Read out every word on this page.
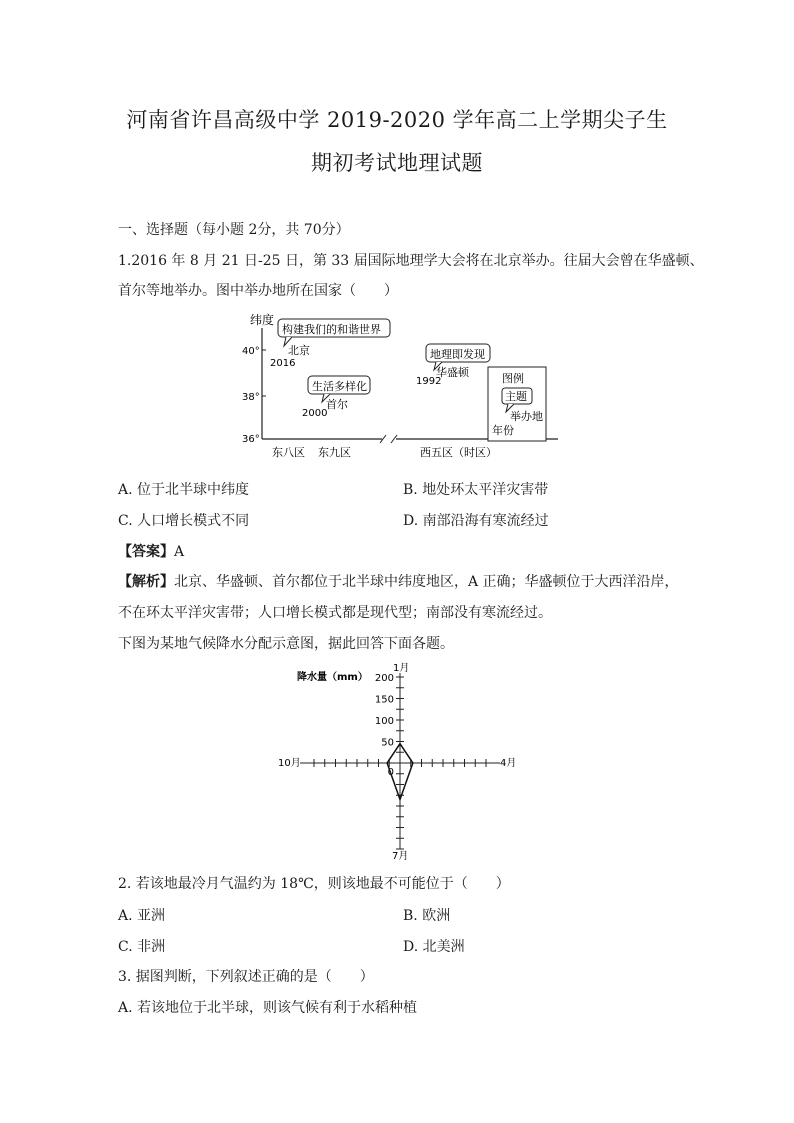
河南省许昌高级中学 2019-2020 学年高二上学期尖子生
期初考试地理试题
一、选择题（每小题 2分，共 70分）
1.2016 年 8 月 21 日-25 日，第 33 届国际地理学大会将在北京举办。往届大会曾在华盛顿、
首尔等地举办。图中举办地所在国家（　　）
纬度
40°
38°
36°
东八区 东九区	西五区（时区）
构建我们的和谐世界
北京
2016
生活多样化
首尔
2000
地理即发现
华盛顿
1992	图例
主题
举办地
年份
A. 位于北半球中纬度	B. 地处环太平洋灾害带
C. 人口增长模式不同	D. 南部沿海有寒流经过
【答案】A
【解析】北京、华盛顿、首尔都位于北半球中纬度地区，A 正确；华盛顿位于大西洋沿岸，
不在环太平洋灾害带；人口增长模式都是现代型；南部没有寒流经过。
下图为某地气候降水分配示意图，据此回答下面各题。
降水量（mm）
1月
4月
7月
10月
200
150
100
50
0
2. 若该地最冷月气温约为 18℃，则该地最不可能位于（　　）
A. 亚洲	B. 欧洲
C. 非洲	D. 北美洲
3. 据图判断，下列叙述正确的是（　　）
A. 若该地位于北半球，则该气候有利于水稻种植
